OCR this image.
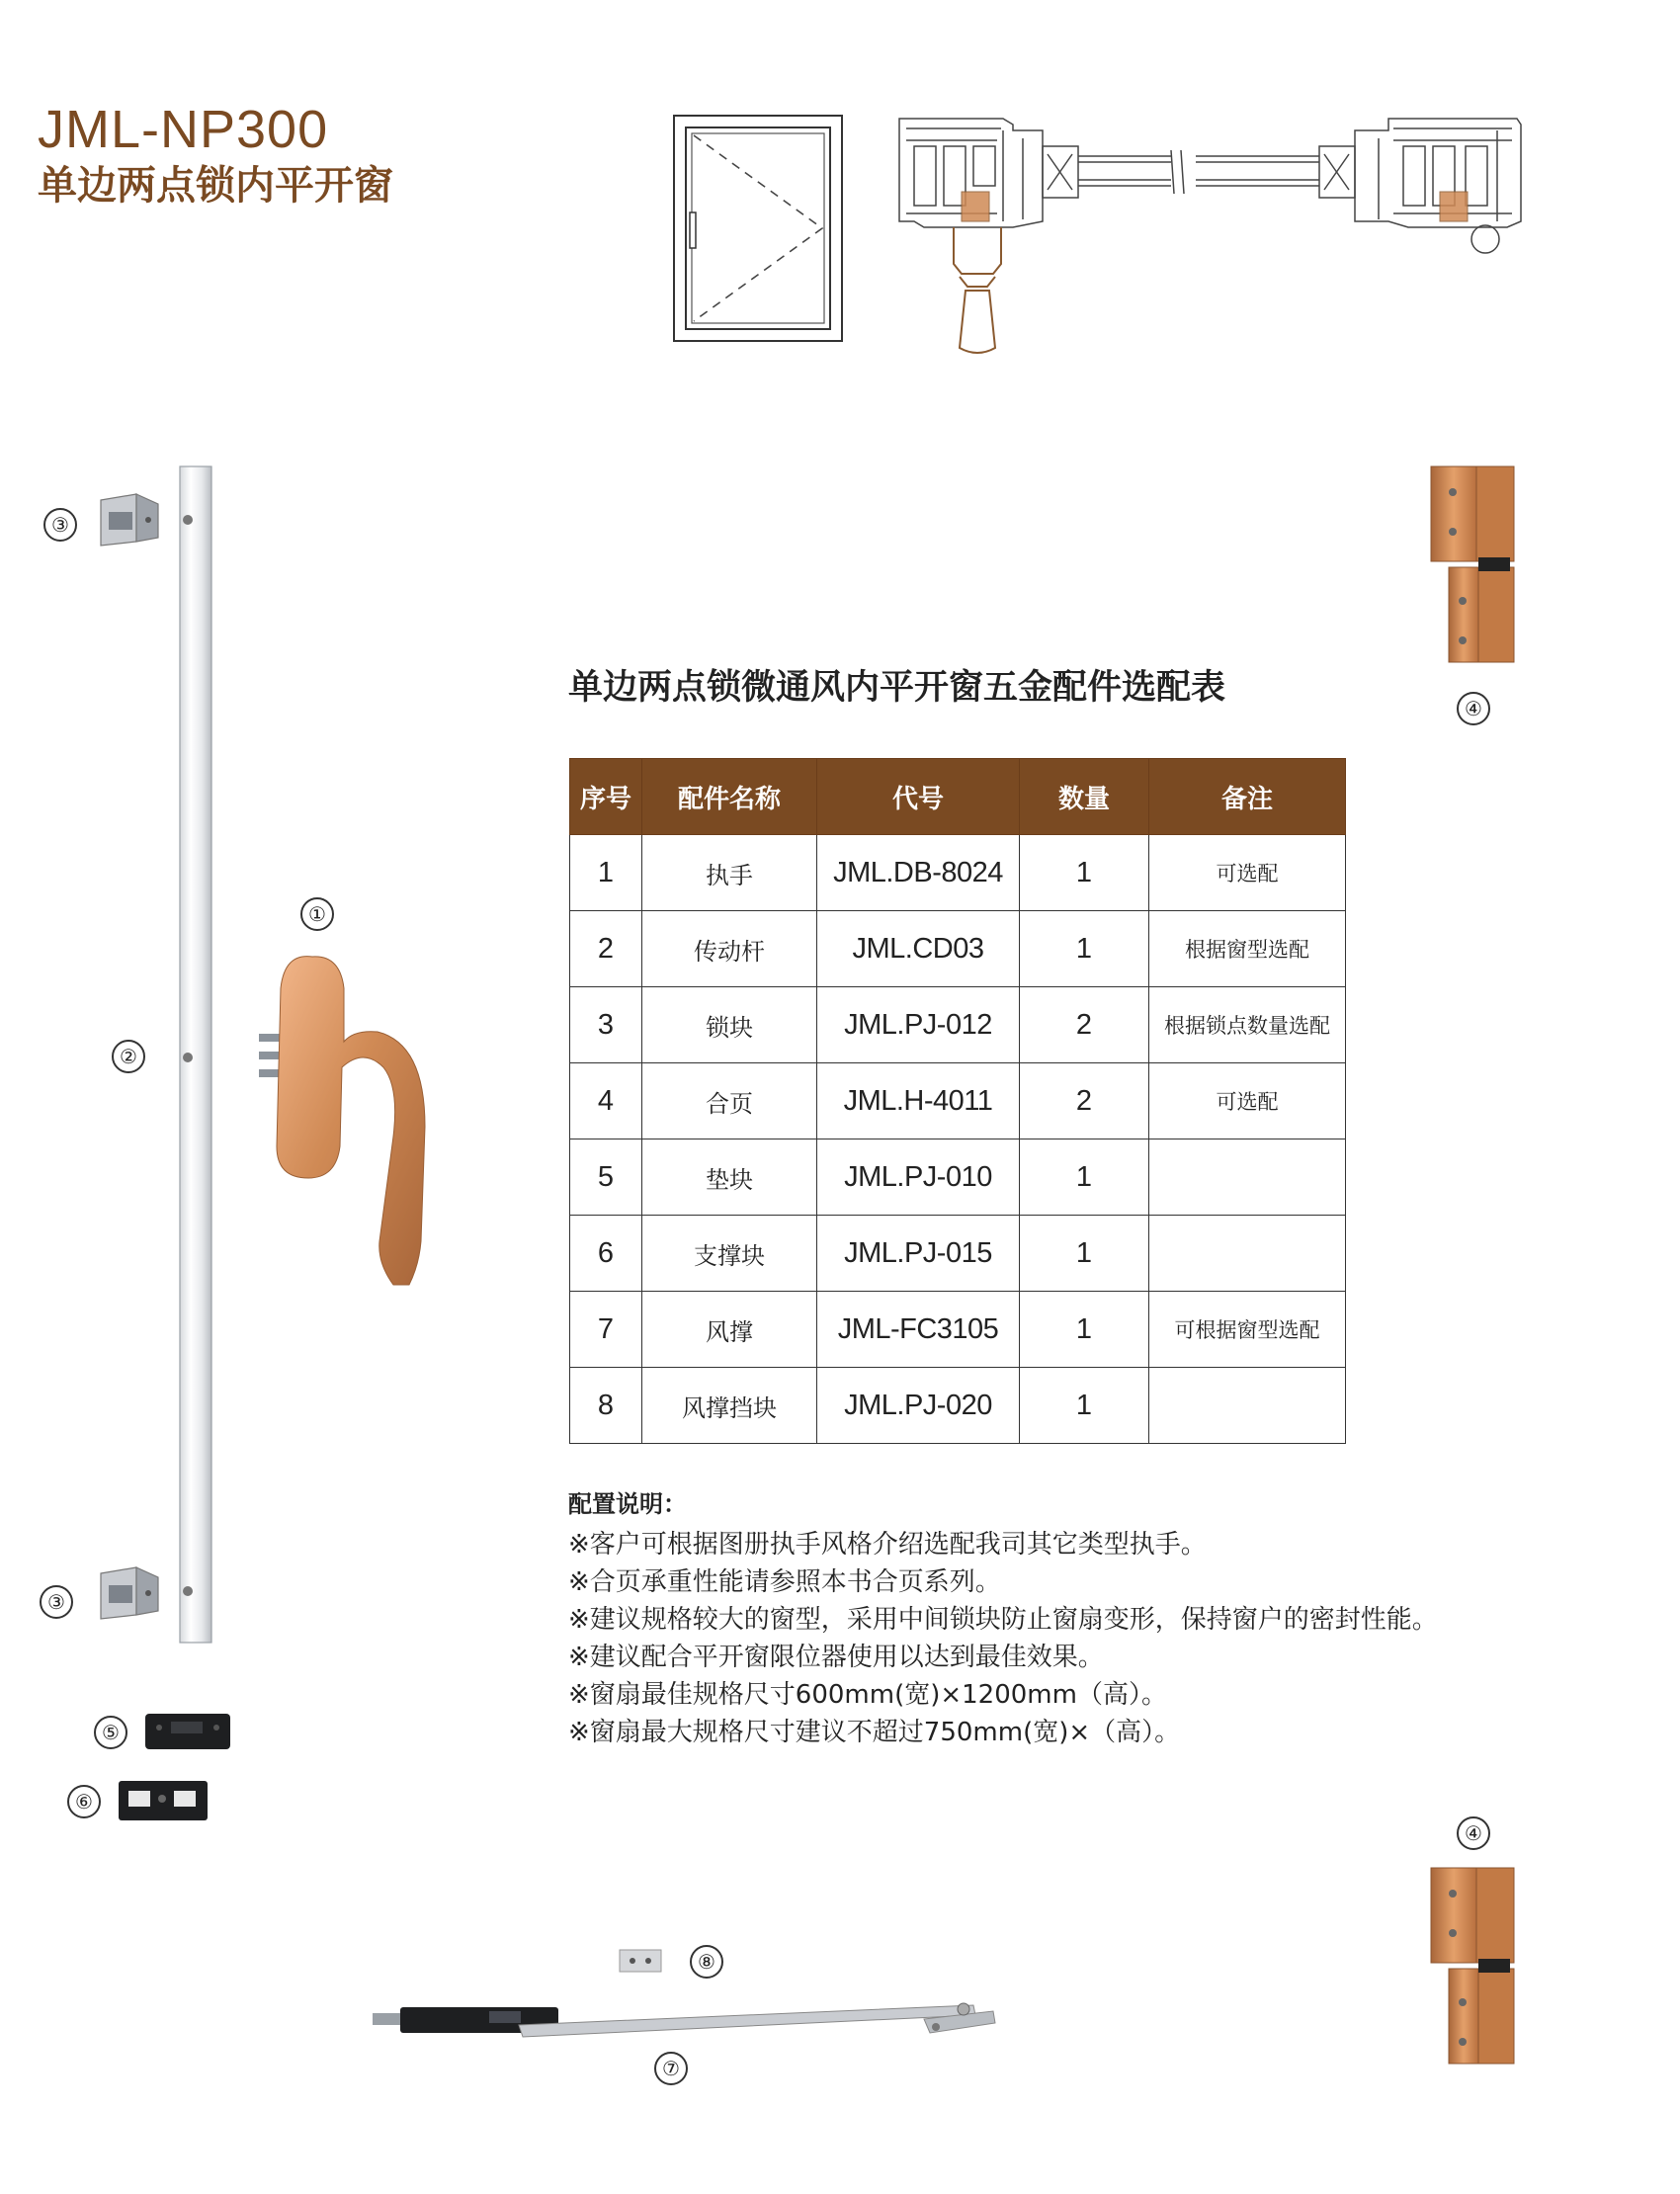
JML-NP300
单边两点锁内平开窗
③
①
②
③
⑤
⑥
④
④
⑧
⑦
单边两点锁微通风内平开窗五金配件选配表
序号	配件名称	代号	数量	备注
1	执手	JML.DB-8024	1	可选配
2	传动杆	JML.CD03	1	根据窗型选配
3	锁块	JML.PJ-012	2	根据锁点数量选配
4	合页	JML.H-4011	2	可选配
5	垫块	JML.PJ-010	1	
6	支撑块	JML.PJ-015	1	
7	风撑	JML-FC3105	1	可根据窗型选配
8	风撑挡块	JML.PJ-020	1	
配置说明：
※客户可根据图册执手风格介绍选配我司其它类型执手。
※合页承重性能请参照本书合页系列。
※建议规格较大的窗型，采用中间锁块防止窗扇变形，保持窗户的密封性能。
※建议配合平开窗限位器使用以达到最佳效果。
※窗扇最佳规格尺寸600mm(宽)×1200mm（高）。
※窗扇最大规格尺寸建议不超过750mm(宽)×（高）。
